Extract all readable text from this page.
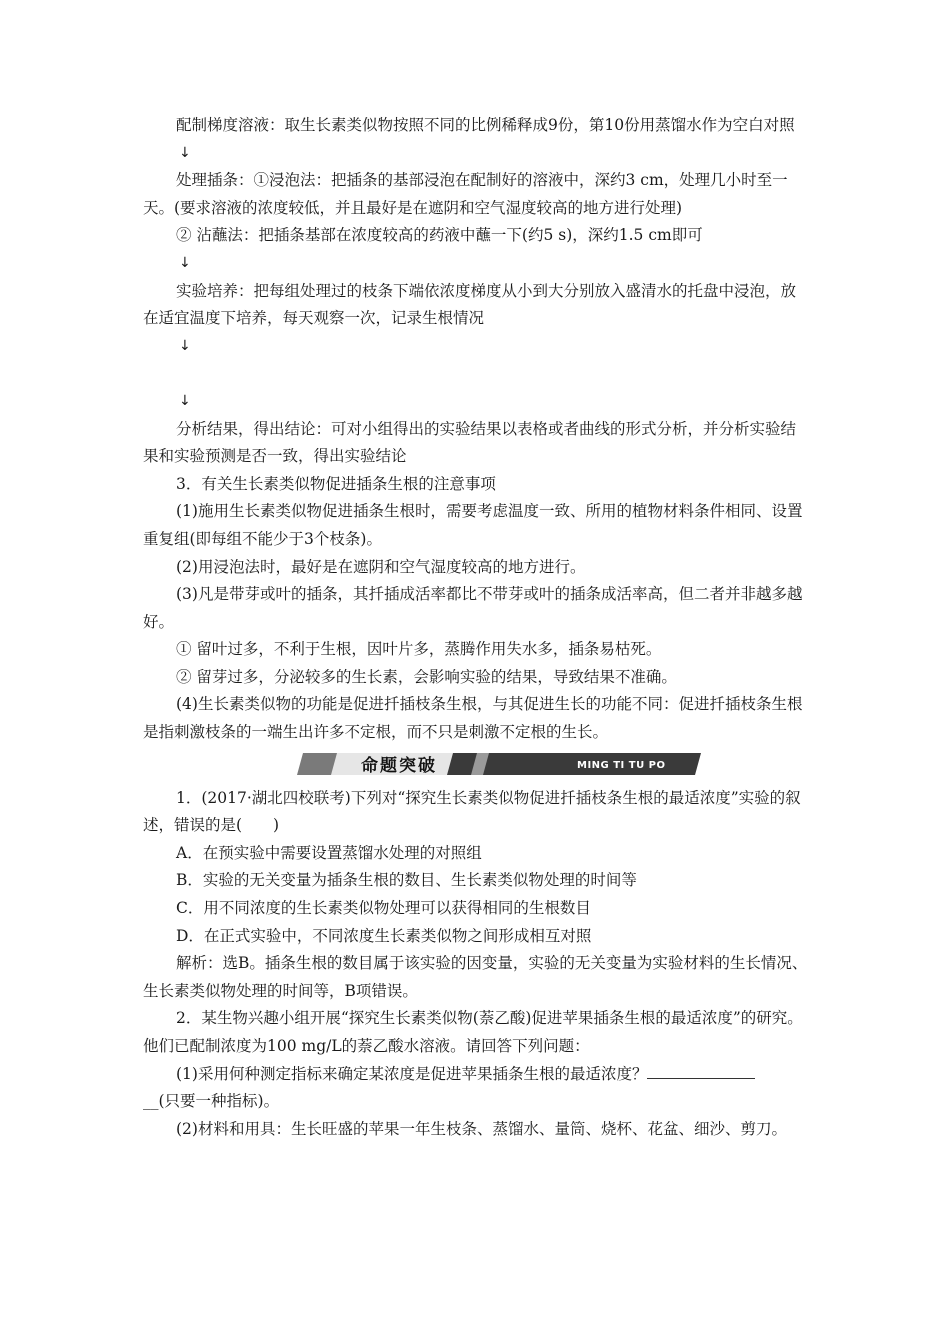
配制梯度溶液：取生长素类似物按照不同的比例稀释成9份，第10份用蒸馏水作为空白对照

↓

处理插条：①浸泡法：把插条的基部浸泡在配制好的溶液中，深约3 cm，处理几小时至一天。(要求溶液的浓度较低，并且最好是在遮阴和空气湿度较高的地方进行处理)

② 沾蘸法：把插条基部在浓度较高的药液中蘸一下(约5 s)，深约1.5 cm即可

↓

实验培养：把每组处理过的枝条下端依浓度梯度从小到大分别放入盛清水的托盘中浸泡，放在适宜温度下培养，每天观察一次，记录生根情况

↓

↓

分析结果，得出结论：可对小组得出的实验结果以表格或者曲线的形式分析，并分析实验结果和实验预测是否一致，得出实验结论

3．有关生长素类似物促进插条生根的注意事项

(1)施用生长素类似物促进插条生根时，需要考虑温度一致、所用的植物材料条件相同、设置重复组(即每组不能少于3个枝条)。

(2)用浸泡法时，最好是在遮阴和空气湿度较高的地方进行。

(3)凡是带芽或叶的插条，其扦插成活率都比不带芽或叶的插条成活率高，但二者并非越多越好。

① 留叶过多，不利于生根，因叶片多，蒸腾作用失水多，插条易枯死。

② 留芽过多，分泌较多的生长素，会影响实验的结果，导致结果不准确。

(4)生长素类似物的功能是促进扦插枝条生根，与其促进生长的功能不同：促进扦插枝条生根是指刺激枝条的一端生出许多不定根，而不只是刺激不定根的生长。

命题突破	MING TI TU PO

1．(2017·湖北四校联考)下列对“探究生长素类似物促进扦插枝条生根的最适浓度”实验的叙述，错误的是(　　)

A．在预实验中需要设置蒸馏水处理的对照组

B．实验的无关变量为插条生根的数目、生长素类似物处理的时间等

C．用不同浓度的生长素类似物处理可以获得相同的生根数目

D．在正式实验中，不同浓度生长素类似物之间形成相互对照

解析：选B。插条生根的数目属于该实验的因变量，实验的无关变量为实验材料的生长情况、生长素类似物处理的时间等，B项错误。

2．某生物兴趣小组开展“探究生长素类似物(萘乙酸)促进苹果插条生根的最适浓度”的研究。他们已配制浓度为100 mg/L的萘乙酸水溶液。请回答下列问题：

(1)采用何种测定指标来确定某浓度是促进苹果插条生根的最适浓度？

__(只要一种指标)。

(2)材料和用具：生长旺盛的苹果一年生枝条、蒸馏水、量筒、烧杯、花盆、细沙、剪刀。
